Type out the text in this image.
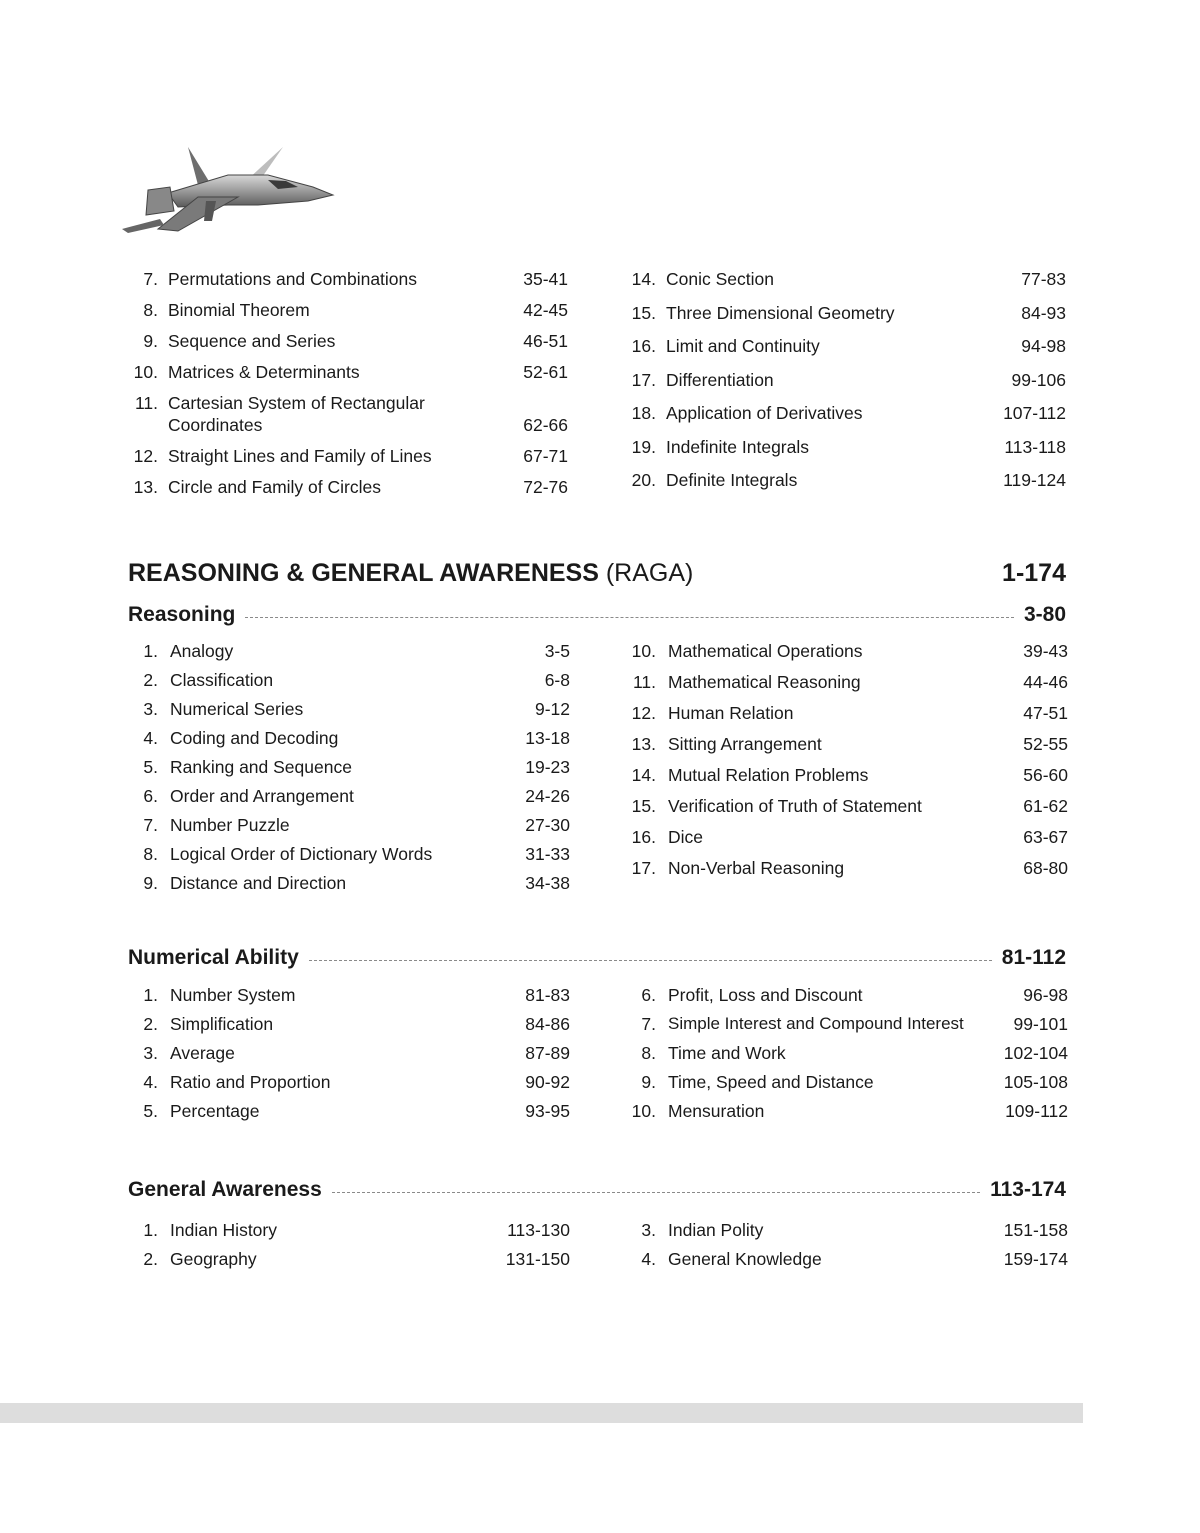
7. Permutations and Combinations	35-41
8. Binomial Theorem	42-45
9. Sequence and Series	46-51
10. Matrices & Determinants	52-61
11. Cartesian System of Rectangular
Coordinates	62-66
12. Straight Lines and Family of Lines	67-71
13. Circle and Family of Circles	72-76
14. Conic Section	77-83
15. Three Dimensional Geometry	84-93
16. Limit and Continuity	94-98
17. Differentiation	99-106
18. Application of Derivatives	107-112
19. Indefinite Integrals	113-118
20. Definite Integrals	119-124
REASONING & GENERAL AWARENESS (RAGA)	1-174
Reasoning	3-80
1. Analogy	3-5
2. Classification	6-8
3. Numerical Series	9-12
4. Coding and Decoding	13-18
5. Ranking and Sequence	19-23
6. Order and Arrangement	24-26
7. Number Puzzle	27-30
8. Logical Order of Dictionary Words	31-33
9. Distance and Direction	34-38
10. Mathematical Operations	39-43
11. Mathematical Reasoning	44-46
12. Human Relation	47-51
13. Sitting Arrangement	52-55
14. Mutual Relation Problems	56-60
15. Verification of Truth of Statement	61-62
16. Dice	63-67
17. Non-Verbal Reasoning	68-80
Numerical Ability	81-112
1. Number System	81-83
2. Simplification	84-86
3. Average	87-89
4. Ratio and Proportion	90-92
5. Percentage	93-95
6. Profit, Loss and Discount	96-98
7. Simple Interest and Compound Interest	99-101
8. Time and Work	102-104
9. Time, Speed and Distance	105-108
10. Mensuration	109-112
General Awareness	113-174
1. Indian History	113-130
2. Geography	131-150
3. Indian Polity	151-158
4. General Knowledge	159-174
